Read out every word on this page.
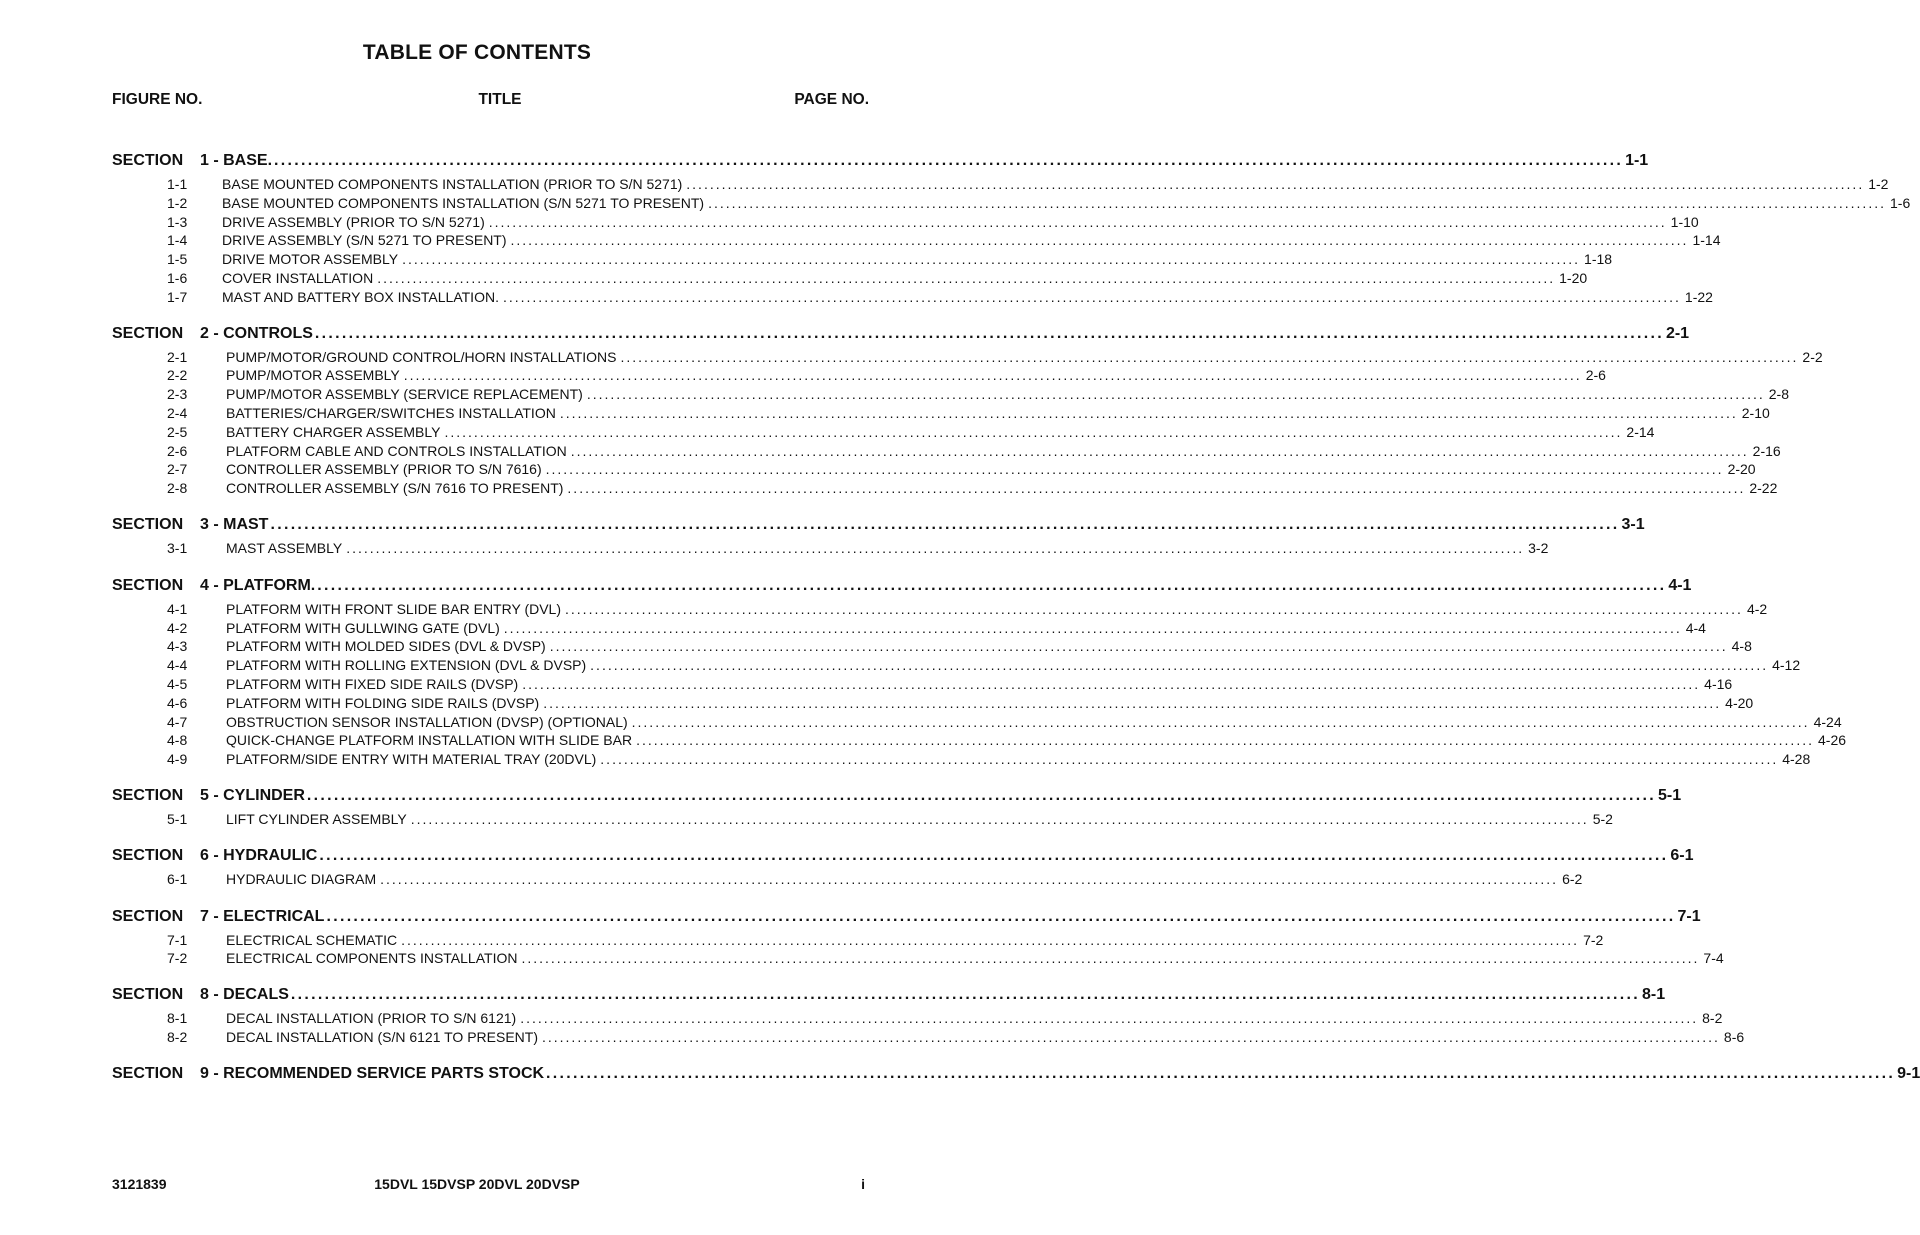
TABLE OF CONTENTS
FIGURE NO.	TITLE	PAGE NO.
SECTION	1 - BASE. ........................................................................................................................................................................................................ 1-1
1-1	BASE MOUNTED COMPONENTS INSTALLATION (PRIOR TO S/N 5271) ........................................................................................................................................................................................................ 1-2
1-2	BASE MOUNTED COMPONENTS INSTALLATION (S/N 5271 TO PRESENT) ........................................................................................................................................................................................................ 1-6
1-3	DRIVE ASSEMBLY (PRIOR TO S/N 5271) ........................................................................................................................................................................................................ 1-10
1-4	DRIVE ASSEMBLY (S/N 5271 TO PRESENT) ........................................................................................................................................................................................................ 1-14
1-5	DRIVE MOTOR ASSEMBLY ........................................................................................................................................................................................................ 1-18
1-6	COVER INSTALLATION ........................................................................................................................................................................................................ 1-20
1-7	MAST AND BATTERY BOX INSTALLATION. ........................................................................................................................................................................................................ 1-22
SECTION	2 - CONTROLS ........................................................................................................................................................................................................ 2-1
2-1	PUMP/MOTOR/GROUND CONTROL/HORN INSTALLATIONS ........................................................................................................................................................................................................ 2-2
2-2	PUMP/MOTOR ASSEMBLY ........................................................................................................................................................................................................ 2-6
2-3	PUMP/MOTOR ASSEMBLY (SERVICE REPLACEMENT) ........................................................................................................................................................................................................ 2-8
2-4	BATTERIES/CHARGER/SWITCHES INSTALLATION ........................................................................................................................................................................................................ 2-10
2-5	BATTERY CHARGER ASSEMBLY ........................................................................................................................................................................................................ 2-14
2-6	PLATFORM CABLE AND CONTROLS INSTALLATION ........................................................................................................................................................................................................ 2-16
2-7	CONTROLLER ASSEMBLY (PRIOR TO S/N 7616) ........................................................................................................................................................................................................ 2-20
2-8	CONTROLLER ASSEMBLY (S/N 7616 TO PRESENT) ........................................................................................................................................................................................................ 2-22
SECTION	3 - MAST ........................................................................................................................................................................................................ 3-1
3-1	MAST ASSEMBLY ........................................................................................................................................................................................................ 3-2
SECTION	4 - PLATFORM. ........................................................................................................................................................................................................ 4-1
4-1	PLATFORM WITH FRONT SLIDE BAR ENTRY (DVL) ........................................................................................................................................................................................................ 4-2
4-2	PLATFORM WITH GULLWING GATE (DVL) ........................................................................................................................................................................................................ 4-4
4-3	PLATFORM WITH MOLDED SIDES (DVL & DVSP) ........................................................................................................................................................................................................ 4-8
4-4	PLATFORM WITH ROLLING EXTENSION (DVL & DVSP) ........................................................................................................................................................................................................ 4-12
4-5	PLATFORM WITH FIXED SIDE RAILS (DVSP) ........................................................................................................................................................................................................ 4-16
4-6	PLATFORM WITH FOLDING SIDE RAILS (DVSP) ........................................................................................................................................................................................................ 4-20
4-7	OBSTRUCTION SENSOR INSTALLATION (DVSP) (OPTIONAL) ........................................................................................................................................................................................................ 4-24
4-8	QUICK-CHANGE PLATFORM INSTALLATION WITH SLIDE BAR ........................................................................................................................................................................................................ 4-26
4-9	PLATFORM/SIDE ENTRY WITH MATERIAL TRAY (20DVL) ........................................................................................................................................................................................................ 4-28
SECTION	5 - CYLINDER ........................................................................................................................................................................................................ 5-1
5-1	LIFT CYLINDER ASSEMBLY ........................................................................................................................................................................................................ 5-2
SECTION	6 - HYDRAULIC ........................................................................................................................................................................................................ 6-1
6-1	HYDRAULIC DIAGRAM ........................................................................................................................................................................................................ 6-2
SECTION	7 - ELECTRICAL ........................................................................................................................................................................................................ 7-1
7-1	ELECTRICAL SCHEMATIC ........................................................................................................................................................................................................ 7-2
7-2	ELECTRICAL COMPONENTS INSTALLATION ........................................................................................................................................................................................................ 7-4
SECTION	8 - DECALS ........................................................................................................................................................................................................ 8-1
8-1	DECAL INSTALLATION (PRIOR TO S/N 6121) ........................................................................................................................................................................................................ 8-2
8-2	DECAL INSTALLATION (S/N 6121 TO PRESENT) ........................................................................................................................................................................................................ 8-6
SECTION	9 - RECOMMENDED SERVICE PARTS STOCK ........................................................................................................................................................................................................ 9-1
3121839	15DVL 15DVSP 20DVL 20DVSP	i
